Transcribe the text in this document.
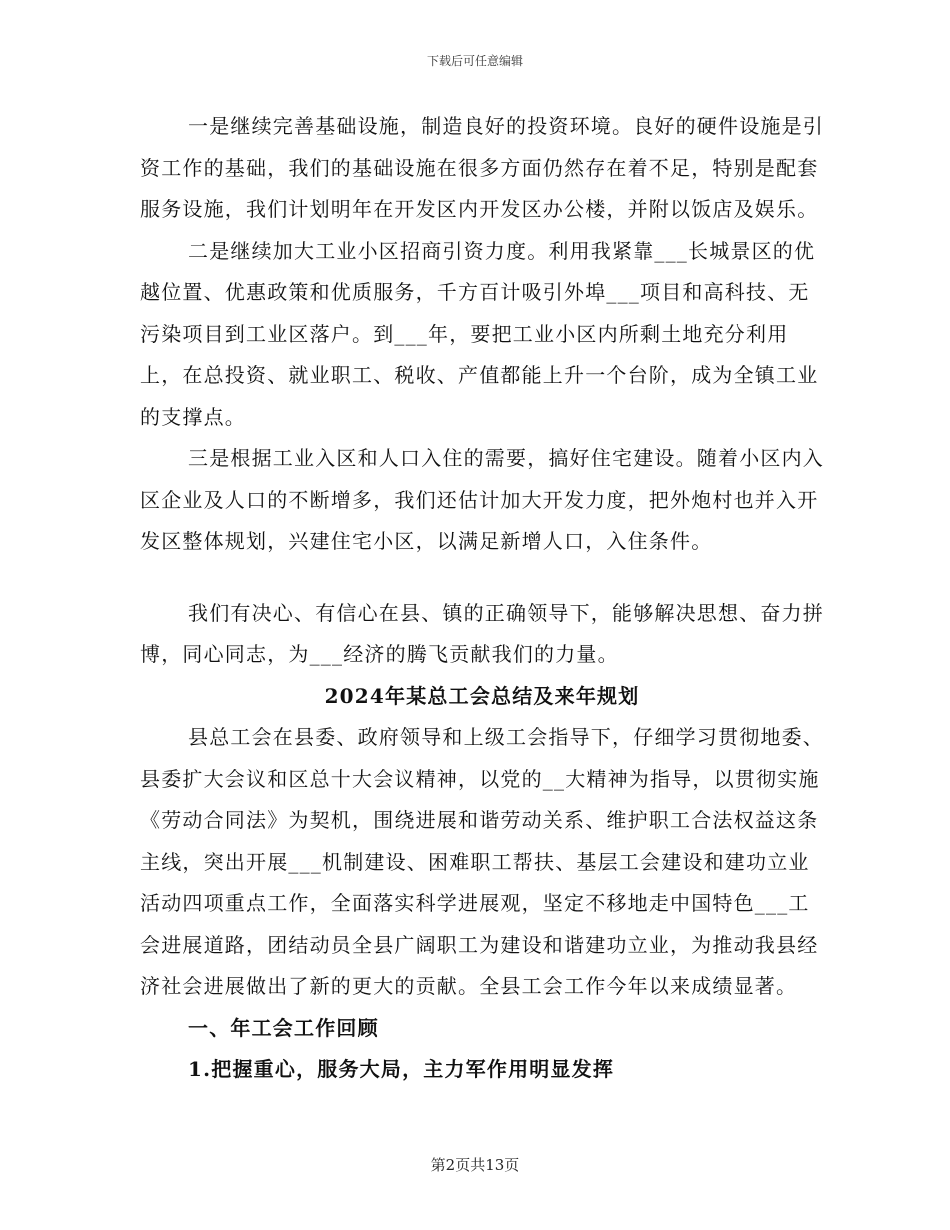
下载后可任意编辑

一是继续完善基础设施，制造良好的投资环境。良好的硬件设施是引资工作的基础，我们的基础设施在很多方面仍然存在着不足，特别是配套服务设施，我们计划明年在开发区内开发区办公楼，并附以饭店及娱乐。

二是继续加大工业小区招商引资力度。利用我紧靠___长城景区的优越位置、优惠政策和优质服务，千方百计吸引外埠___项目和高科技、无污染项目到工业区落户。到___年，要把工业小区内所剩土地充分利用上，在总投资、就业职工、税收、产值都能上升一个台阶，成为全镇工业的支撑点。

三是根据工业入区和人口入住的需要，搞好住宅建设。随着小区内入区企业及人口的不断增多，我们还估计加大开发力度，把外炮村也并入开发区整体规划，兴建住宅小区，以满足新增人口，入住条件。

我们有决心、有信心在县、镇的正确领导下，能够解决思想、奋力拼博，同心同志，为___经济的腾飞贡献我们的力量。

2024年某总工会总结及来年规划

县总工会在县委、政府领导和上级工会指导下，仔细学习贯彻地委、县委扩大会议和区总十大会议精神，以党的__大精神为指导，以贯彻实施《劳动合同法》为契机，围绕进展和谐劳动关系、维护职工合法权益这条主线，突出开展___机制建设、困难职工帮扶、基层工会建设和建功立业活动四项重点工作，全面落实科学进展观，坚定不移地走中国特色___工会进展道路，团结动员全县广阔职工为建设和谐建功立业，为推动我县经济社会进展做出了新的更大的贡献。全县工会工作今年以来成绩显著。

一、年工会工作回顾

1.把握重心，服务大局，主力军作用明显发挥

第2页共13页
